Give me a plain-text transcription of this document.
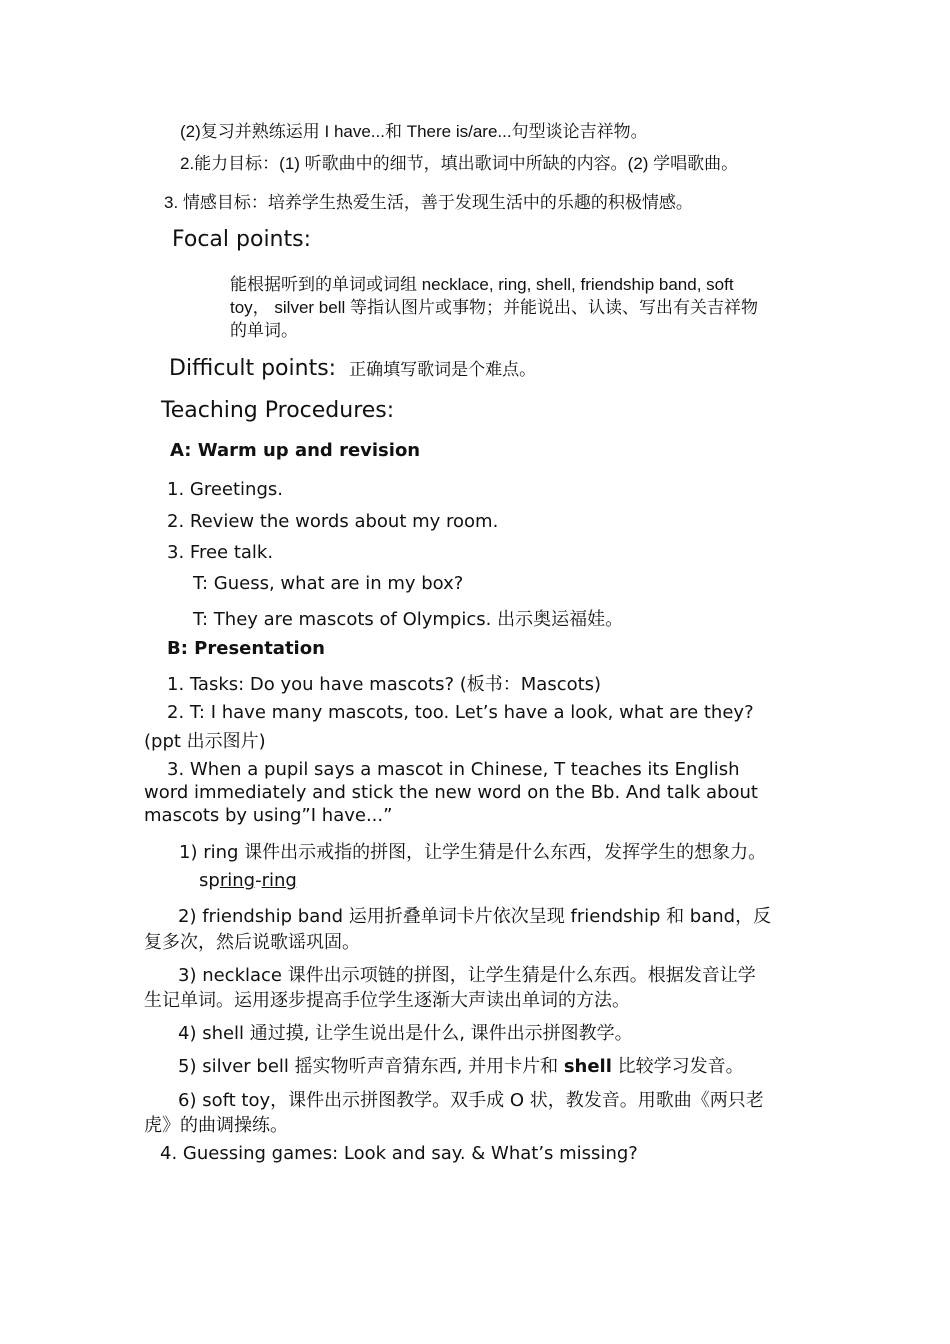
(2)复习并熟练运用 I have...和 There is/are...句型谈论吉祥物。
2.能力目标：(1) 听歌曲中的细节，填出歌词中所缺的内容。(2) 学唱歌曲。
3. 情感目标：培养学生热爱生活，善于发现生活中的乐趣的积极情感。
Focal points:
能根据听到的单词或词组 necklace, ring, shell, friendship band, soft
toy， silver bell 等指认图片或事物；并能说出、认读、写出有关吉祥物
的单词。
Difficult points: 正确填写歌词是个难点。
Teaching Procedures:
A: Warm up and revision
1. Greetings.
2. Review the words about my room.
3. Free talk.
T: Guess, what are in my box?
T: They are mascots of Olympics. 出示奥运福娃。
B: Presentation
1. Tasks: Do you have mascots? (板书：Mascots)
2. T: I have many mascots, too. Let’s have a look, what are they?
(ppt 出示图片)
3. When a pupil says a mascot in Chinese, T teaches its English
word immediately and stick the new word on the Bb. And talk about
mascots by using”I have...”
1) ring 课件出示戒指的拼图，让学生猜是什么东西，发挥学生的想象力。
spring-ring
2) friendship band 运用折叠单词卡片依次呈现 friendship 和 band，反
复多次，然后说歌谣巩固。
3) necklace 课件出示项链的拼图，让学生猜是什么东西。根据发音让学
生记单词。运用逐步提高手位学生逐渐大声读出单词的方法。
4) shell 通过摸, 让学生说出是什么, 课件出示拼图教学。
5) silver bell 摇实物听声音猜东西, 并用卡片和 shell 比较学习发音。
6) soft toy，课件出示拼图教学。双手成 O 状，教发音。用歌曲《两只老
虎》的曲调操练。
4. Guessing games: Look and say. & What’s missing?
